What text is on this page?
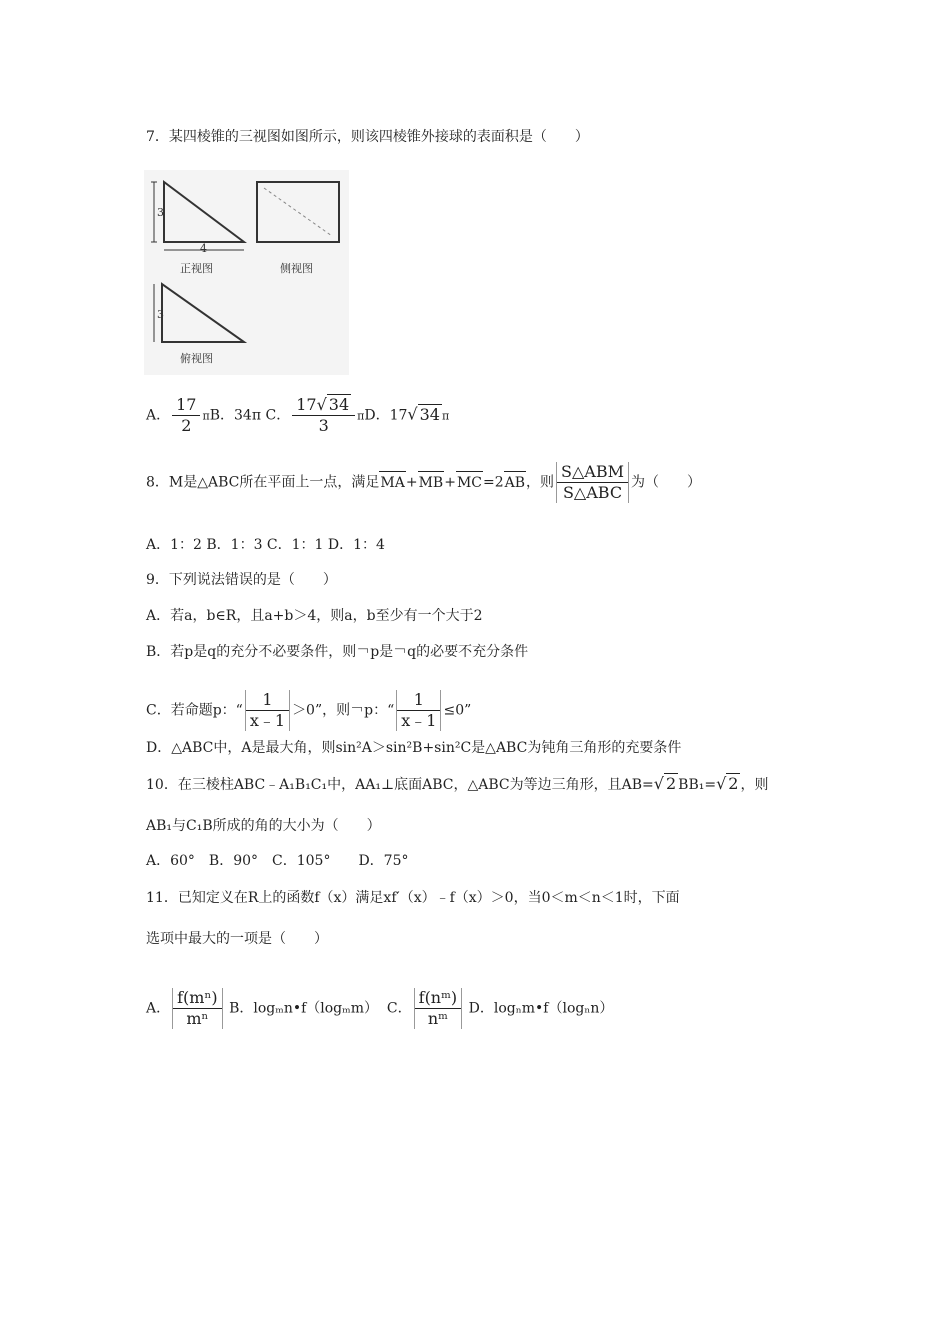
7．某四棱锥的三视图如图所示，则该四棱锥外接球的表面积是（　　）
3
4
正视图	侧视图
3
俯视图
A． $\frac{17}{2}$ πB．34π C． $\frac{17√ 34}{3}$ πD．17√ 34 π
8．M是△ABC所在平面上一点，满足MA+MB+MC=2AB，则 $\frac{\text{S△ABM}}{\text{S△ABC}}$ 为（　　）
A．1：2 B．1：3 C．1：1 D．1：4
9．下列说法错误的是（　　）
A．若a，b∈R，且a+b＞4，则a，b至少有一个大于2
B．若p是q的充分不必要条件，则￢p是￢q的必要不充分条件
C．若命题p：“ $\frac{1}{x﹣1} >0$”，则￢p：“ $\frac{1}{x﹣1} \le 0$”
D．△ABC中，A是最大角，则sin²A＞sin²B+sin²C是△ABC为钝角三角形的充要条件
10．在三棱柱ABC﹣A₁B₁C₁中，AA₁⊥底面ABC，△ABC为等边三角形，且AB=√ 2 BB₁=√ 2 ，则
AB₁与C₁B所成的角的大小为（　　）
A．60°　B．90°　C．105°　　D．75°
11．已知定义在R上的函数f（x）满足xf′（x）﹣f（x）＞0，当0＜m＜n＜1时，下面
选项中最大的一项是（　　）
A． $\frac{\text{f(mⁿ)}}{\text{mⁿ}}$ B．logₘn•f（logₘm） C． $\frac{\text{f(nᵐ)}}{\text{nᵐ}}$ D．logₙm•f（logₙn）
